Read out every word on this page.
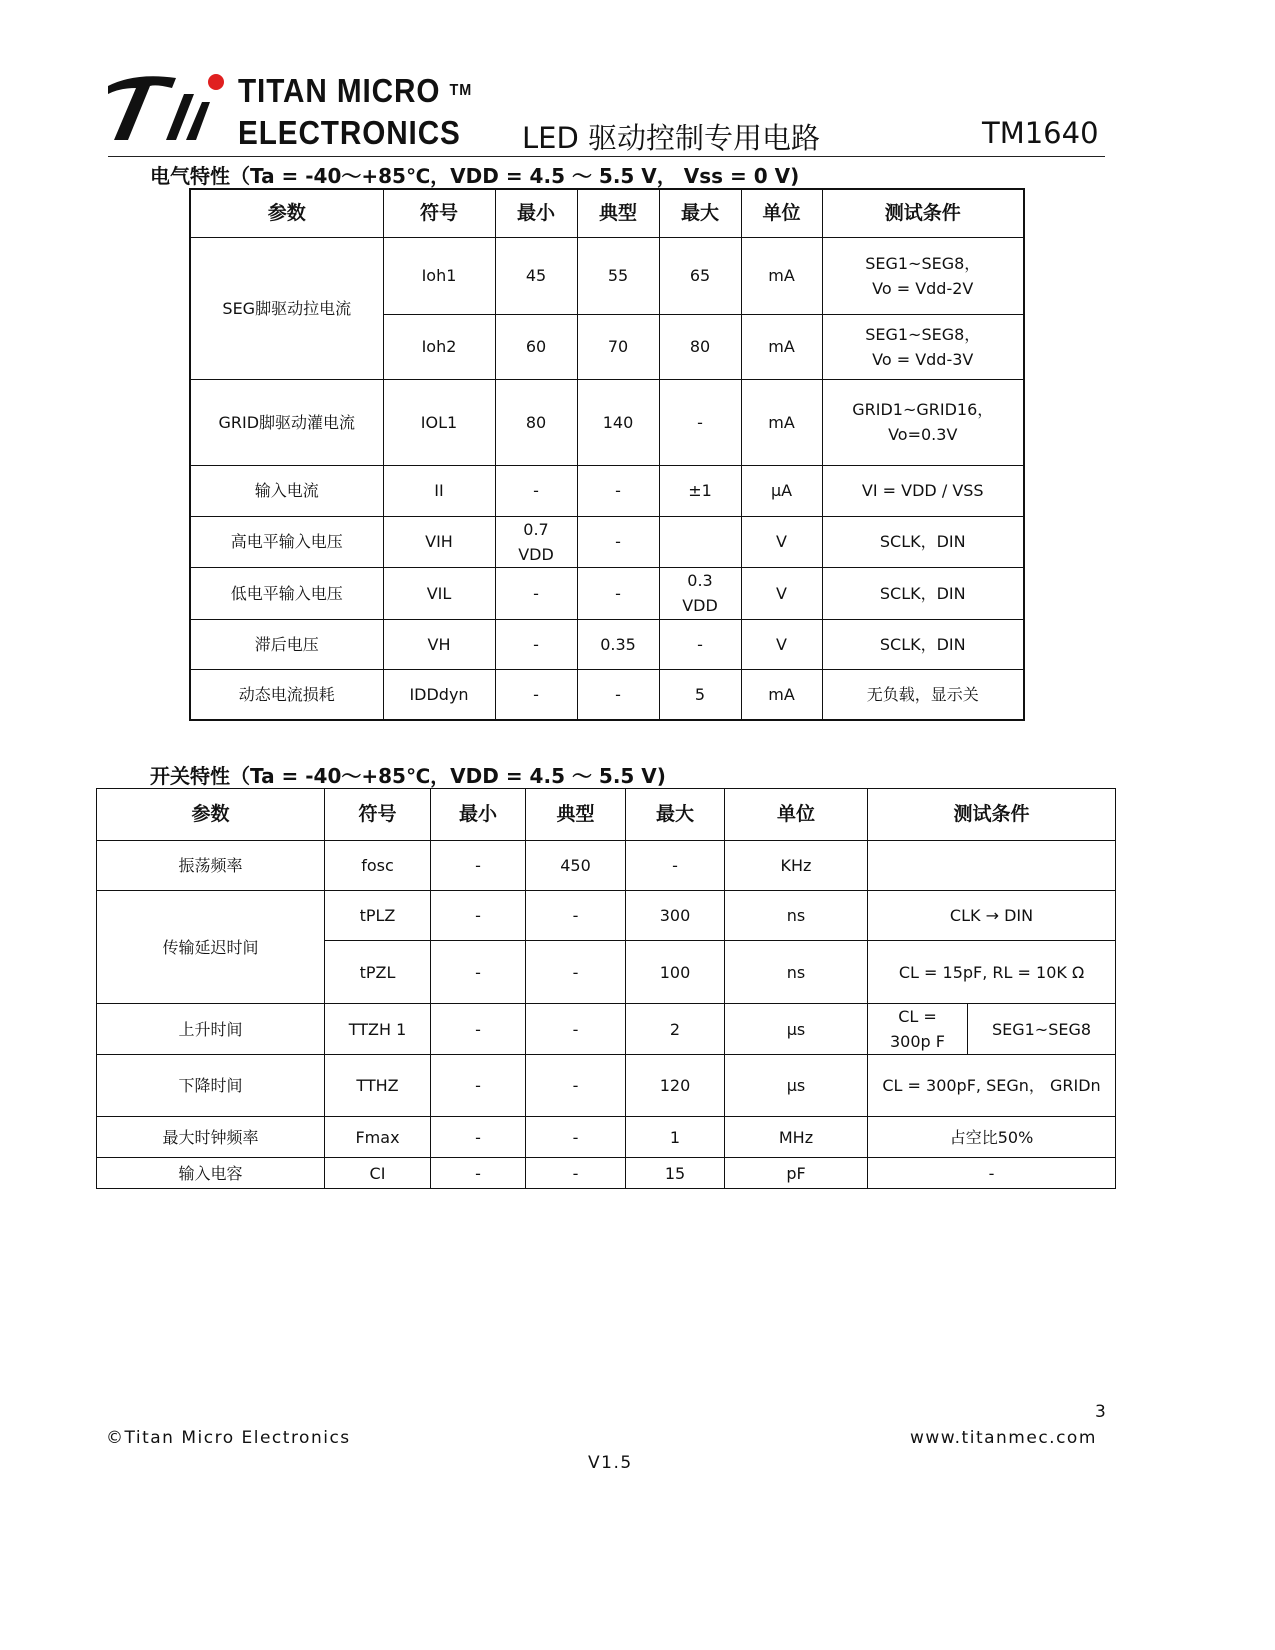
TITAN MICRO ™
ELECTRONICS	LED 驱动控制专用电路	TM1640
电气特性（Ta = -40～+85℃，VDD = 4.5 ～ 5.5 V， Vss = 0 V)
参数	符号	最小	典型	最大	单位	测试条件
SEG脚驱动拉电流	Ioh1	45	55	65	mA	SEG1~SEG8，
Vo = Vdd-2V
	Ioh2	60	70	80	mA	SEG1~SEG8，
Vo = Vdd-3V
GRID脚驱动灌电流	IOL1	80	140	-	mA	GRID1~GRID16，
Vo=0.3V
输入电流	II	-	-	±1	μA	VI = VDD / VSS
高电平输入电压	VIH	0.7
VDD	-		V	SCLK，DIN
低电平输入电压	VIL	-	-	0.3
VDD	V	SCLK，DIN
滞后电压	VH	-	0.35	-	V	SCLK，DIN
动态电流损耗	IDDdyn	-	-	5	mA	无负载，显示关
开关特性（Ta = -40～+85℃，VDD = 4.5 ～ 5.5 V)
参数	符号	最小	典型	最大	单位	测试条件	
振荡频率	fosc	-	450	-	KHz		
传输延迟时间	tPLZ	-	-	300	ns	CLK → DIN	
	tPZL	-	-	100	ns	CL = 15pF, RL = 10K Ω	
上升时间	TTZH 1	-	-	2	μs	CL =
300p F	SEG1~SEG8
下降时间	TTHZ	-	-	120	μs	CL = 300pF, SEGn， GRIDn	
最大时钟频率	Fmax	-	-	1	MHz	占空比50%	
输入电容	CI	-	-	15	pF	-	
3
©Titan Micro Electronics	www.titanmec.com
V1.5
